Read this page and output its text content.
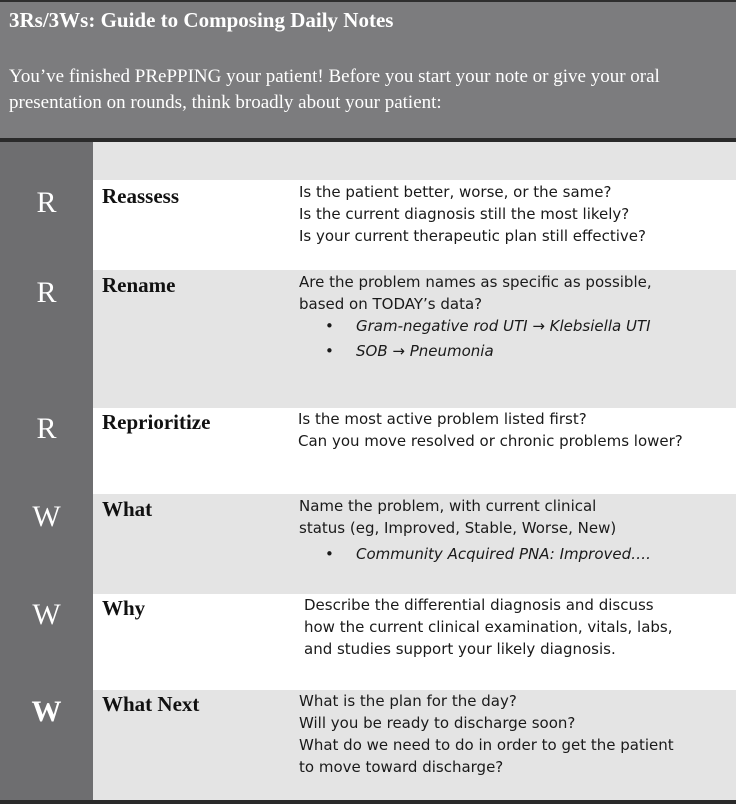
3Rs/3Ws: Guide to Composing Daily Notes
You’ve finished PRePPING your patient! Before you start your note or give your oral presentation on rounds, think broadly about your patient:
R	Reassess	Is the patient better, worse, or the same?
Is the current diagnosis still the most likely?
Is your current therapeutic plan still effective?
R	Rename	Are the problem names as specific as possible,
based on TODAY’s data?
• Gram-negative rod UTI → Klebsiella UTI
• SOB → Pneumonia
R	Reprioritize	Is the most active problem listed first?
Can you move resolved or chronic problems lower?
W	What	Name the problem, with current clinical
status (eg, Improved, Stable, Worse, New)
• Community Acquired PNA: Improved….
W	Why	Describe the differential diagnosis and discuss
how the current clinical examination, vitals, labs,
and studies support your likely diagnosis.
W	What Next	What is the plan for the day?
Will you be ready to discharge soon?
What do we need to do in order to get the patient
to move toward discharge?
